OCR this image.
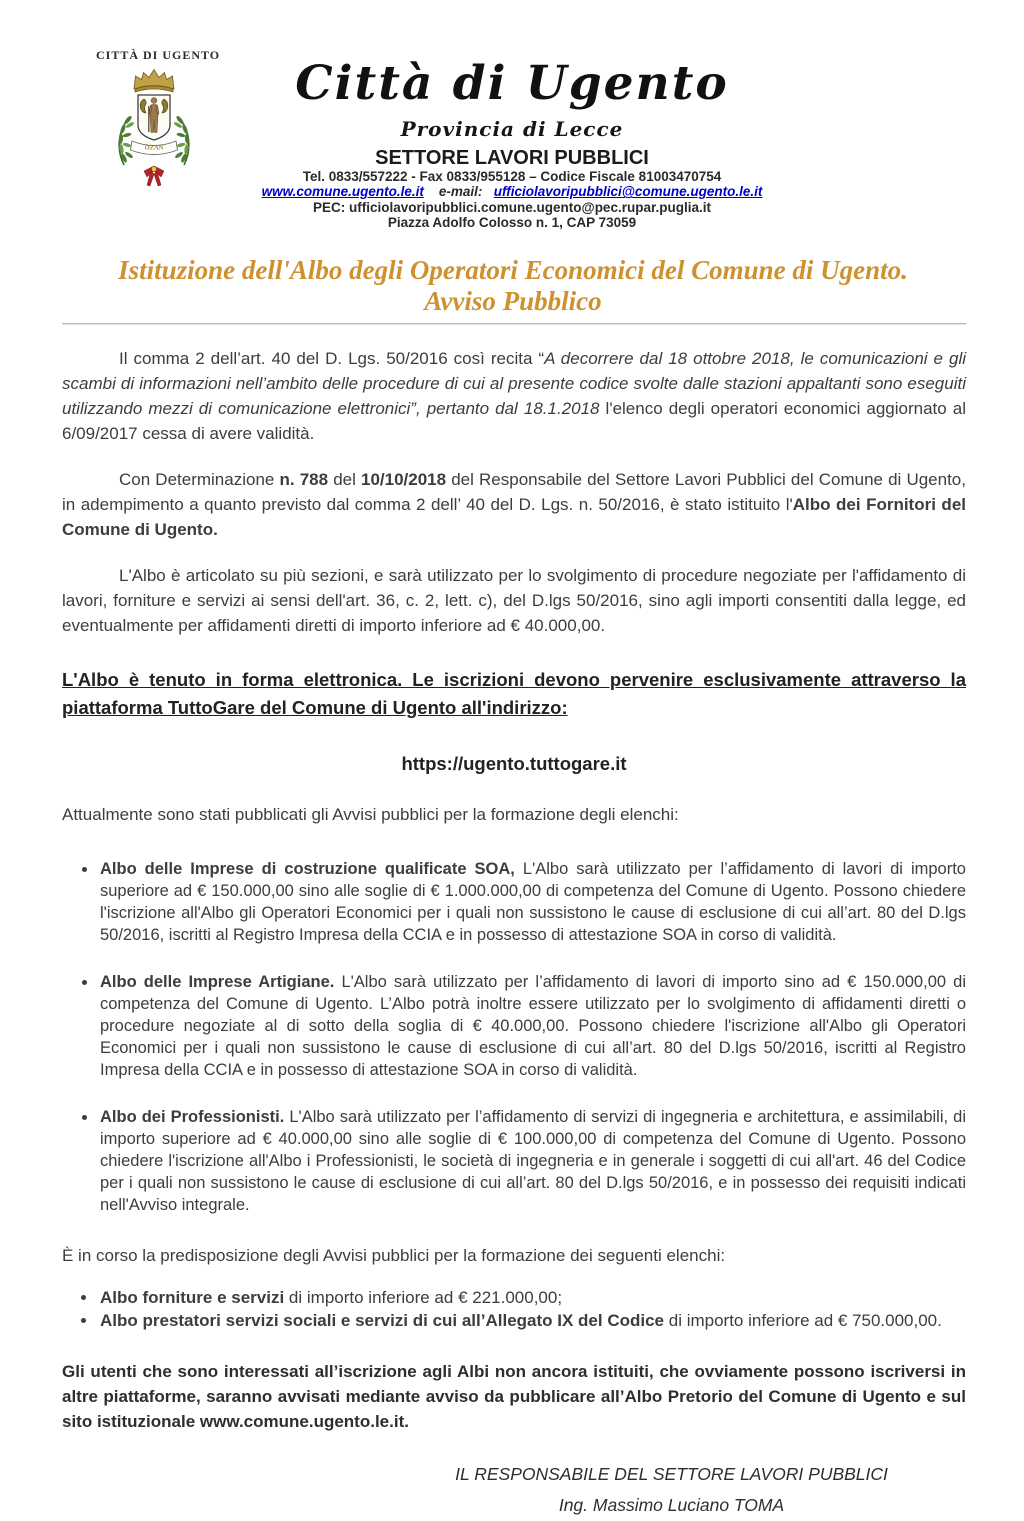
CITTÀ DI UGENTO
OZAN
Città di Ugento
Provincia di Lecce
SETTORE LAVORI PUBBLICI
Tel. 0833/557222 - Fax 0833/955128 – Codice Fiscale 81003470754
www.comune.ugento.le.it e-mail: ufficiolavoripubblici@comune.ugento.le.it
PEC: ufficiolavoripubblici.comune.ugento@pec.rupar.puglia.it
Piazza Adolfo Colosso n. 1, CAP 73059
Istituzione dell'Albo degli Operatori Economici del Comune di Ugento.
Avviso Pubblico

Il comma 2 dell’art. 40 del D. Lgs. 50/2016 così recita “A decorrere dal 18 ottobre 2018, le comunicazioni e gli scambi di informazioni nell’ambito delle procedure di cui al presente codice svolte dalle stazioni appaltanti sono eseguiti utilizzando mezzi di comunicazione elettronici”, pertanto dal 18.1.2018 l'elenco degli operatori economici aggiornato al 6/09/2017 cessa di avere validità.

Con Determinazione n. 788 del 10/10/2018 del Responsabile del Settore Lavori Pubblici del Comune di Ugento, in adempimento a quanto previsto dal comma 2 dell’ 40 del D. Lgs. n. 50/2016, è stato istituito l'Albo dei Fornitori del Comune di Ugento.

L'Albo è articolato su più sezioni, e sarà utilizzato per lo svolgimento di procedure negoziate per l'affidamento di lavori, forniture e servizi ai sensi dell'art. 36, c. 2, lett. c), del D.lgs 50/2016, sino agli importi consentiti dalla legge, ed eventualmente per affidamenti diretti di importo inferiore ad € 40.000,00.

L'Albo è tenuto in forma elettronica. Le iscrizioni devono pervenire esclusivamente attraverso la piattaforma TuttoGare del Comune di Ugento all'indirizzo:

https://ugento.tuttogare.it

Attualmente sono stati pubblicati gli Avvisi pubblici per la formazione degli elenchi:

• Albo delle Imprese di costruzione qualificate SOA, L'Albo sarà utilizzato per l’affidamento di lavori di importo superiore ad € 150.000,00 sino alle soglie di € 1.000.000,00 di competenza del Comune di Ugento. Possono chiedere l'iscrizione all'Albo gli Operatori Economici per i quali non sussistono le cause di esclusione di cui all’art. 80 del D.lgs 50/2016, iscritti al Registro Impresa della CCIA e in possesso di attestazione SOA in corso di validità.
• Albo delle Imprese Artigiane. L'Albo sarà utilizzato per l’affidamento di lavori di importo sino ad € 150.000,00 di competenza del Comune di Ugento. L’Albo potrà inoltre essere utilizzato per lo svolgimento di affidamenti diretti o procedure negoziate al di sotto della soglia di € 40.000,00. Possono chiedere l'iscrizione all'Albo gli Operatori Economici per i quali non sussistono le cause di esclusione di cui all’art. 80 del D.lgs 50/2016, iscritti al Registro Impresa della CCIA e in possesso di attestazione SOA in corso di validità.
• Albo dei Professionisti. L'Albo sarà utilizzato per l’affidamento di servizi di ingegneria e architettura, e assimilabili, di importo superiore ad € 40.000,00 sino alle soglie di € 100.000,00 di competenza del Comune di Ugento. Possono chiedere l'iscrizione all'Albo i Professionisti, le società di ingegneria e in generale i soggetti di cui all'art. 46 del Codice per i quali non sussistono le cause di esclusione di cui all’art. 80 del D.lgs 50/2016, e in possesso dei requisiti indicati nell'Avviso integrale.

È in corso la predisposizione degli Avvisi pubblici per la formazione dei seguenti elenchi:

• Albo forniture e servizi di importo inferiore ad € 221.000,00;
• Albo prestatori servizi sociali e servizi di cui all’Allegato IX del Codice di importo inferiore ad € 750.000,00.

Gli utenti che sono interessati all’iscrizione agli Albi non ancora istituiti, che ovviamente possono iscriversi in altre piattaforme, saranno avvisati mediante avviso da pubblicare all’Albo Pretorio del Comune di Ugento e sul sito istituzionale www.comune.ugento.le.it.

IL RESPONSABILE DEL SETTORE LAVORI PUBBLICI
Ing. Massimo Luciano TOMA
